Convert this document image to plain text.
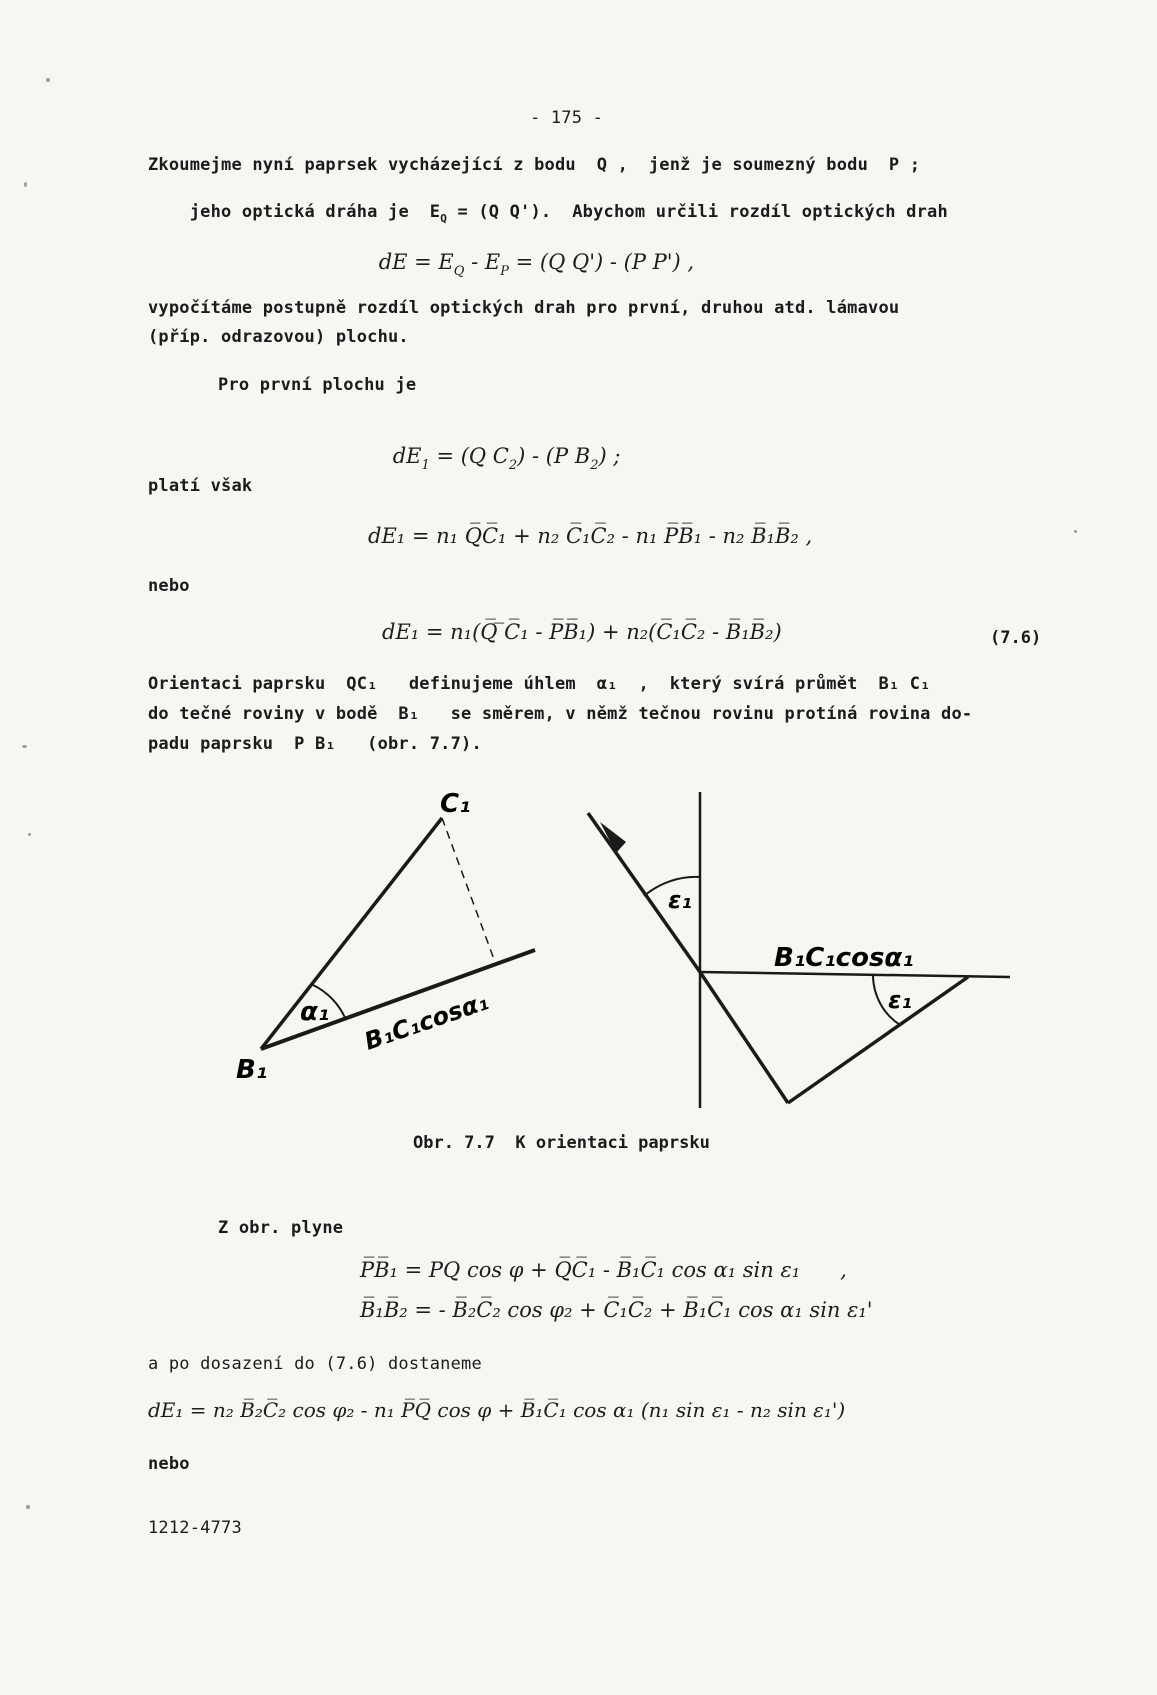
- 175 -
Zkoumejme nyní paprsek vycházející z bodu  Q ,  jenž je soumezný bodu  P ;

jeho optická dráha je  $E_Q = (Q$ Q').  Abychom určili rozdíl optických drah

dE = $E_Q - E_P = (Q$ Q') - (P P') ,

vypočítáme postupně rozdíl optických drah pro první, druhou atd. lámavou
(příp. odrazovou) plochu.
Pro první plochu je

$dE_1 = (Q$ $C_2) - (P$ $B_2$) ;

platí však
dE₁ = n₁ Q̅C̅₁ + n₂ C̅₁C̅₂ - n₁ P̅B̅₁ - n₂ B̅₁B̅₂ ,
nebo
dE₁ = n₁(Q̅ ̅C̅₁ - P̅B̅₁) + n₂(C̅₁C̅₂ - B̅₁B̅₂)	(7.6)
Orientaci paprsku  QC₁   definujeme úhlem  α₁  ,  který svírá průmět  B₁ C₁
do tečné roviny v bodě  B₁   se směrem, v němž tečnou rovinu protíná rovina do-
padu paprsku  P B₁   (obr. 7.7).
C₁
B₁
α₁ B₁C₁cosα₁
ε₁
ε₁
B₁C₁cosα₁
Obr. 7.7  K orientaci paprsku
Z obr. plyne
P̅B̅₁ = PQ cos φ + Q̅C̅₁ - B̅₁C̅₁ cos α₁ sin ε₁      ,
B̅₁B̅₂ = - B̅₂C̅₂ cos φ₂ + C̅₁C̅₂ + B̅₁C̅₁ cos α₁ sin ε₁'
a po dosazení do (7.6) dostaneme
dE₁ = n₂ B̅₂C̅₂ cos φ₂ - n₁ P̅Q̅ cos φ + B̅₁C̅₁ cos α₁ (n₁ sin ε₁ - n₂ sin ε₁')
nebo
1212-4773
